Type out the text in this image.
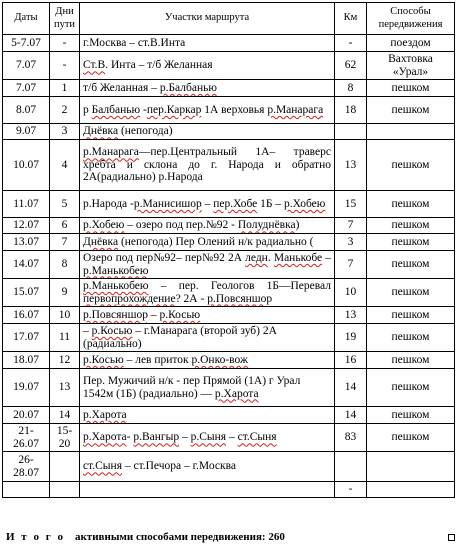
Даты	Дни пути	Участки маршрута	Км	Способы передвижения
5-7.07	-	г.Москва – ст.В.Инта	-	поездом
7.07	-	Ст.В. Инта – т/б Желанная	62	Вахтовка «Урал»
7.07	1	т/б Желанная – р.Балбанью	8	пешком
8.07	2	р Балбанью -пер.Каркар 1А верховья р.Манарага	18	пешком
9.07	3	Днёвка (непогода)		
10.07	4	р.Манарага—пер.Центральный 1А– траверс хребта и склона до г. Народа и обратно 2А(радиально) р.Народа	13	пешком
11.07	5	р.Народа -р.Манисишор – пер.Хобе 1Б – р.Хобею	15	пешком
12.07	6	р.Хобею – озеро под пер.№92 - Полуднёвка)	7	пешком
13.07	7	Днёвка (непогода) Пер Олений н/к радиально (	3	пешком
14.07	8	Озеро под пер№92– пер№92 2А ледн. Манькобе – р.Манькобею	7	пешком
15.07	9	р.Манькобею – пер. Геологов 1Б—Перевал первопрохождение? 2А - р.Повсяншор	10	пешком
16.07	10	р.Повсяншор – р.Косью	13	пешком
17.07	11	– р.Косью – г.Манарага (второй зуб) 2А (радиально)	19	пешком
18.07	12	р.Косью – лев приток р.Онко-вож	16	пешком
19.07	13	Пер. Мужичий н/к - пер Прямой (1А) г Урал 1542м (1Б) (радиально) — р.Харота	14	пешком
20.07	14	р.Харота	14	пешком
21-26.07	15-20	р.Харота- р.Вангыр – р.Сыня – ст.Сыня	83	пешком
26-28.07		ст.Сыня – ст.Печора – г.Москва		
			-	
И т о г о активными способами передвижения: 260
